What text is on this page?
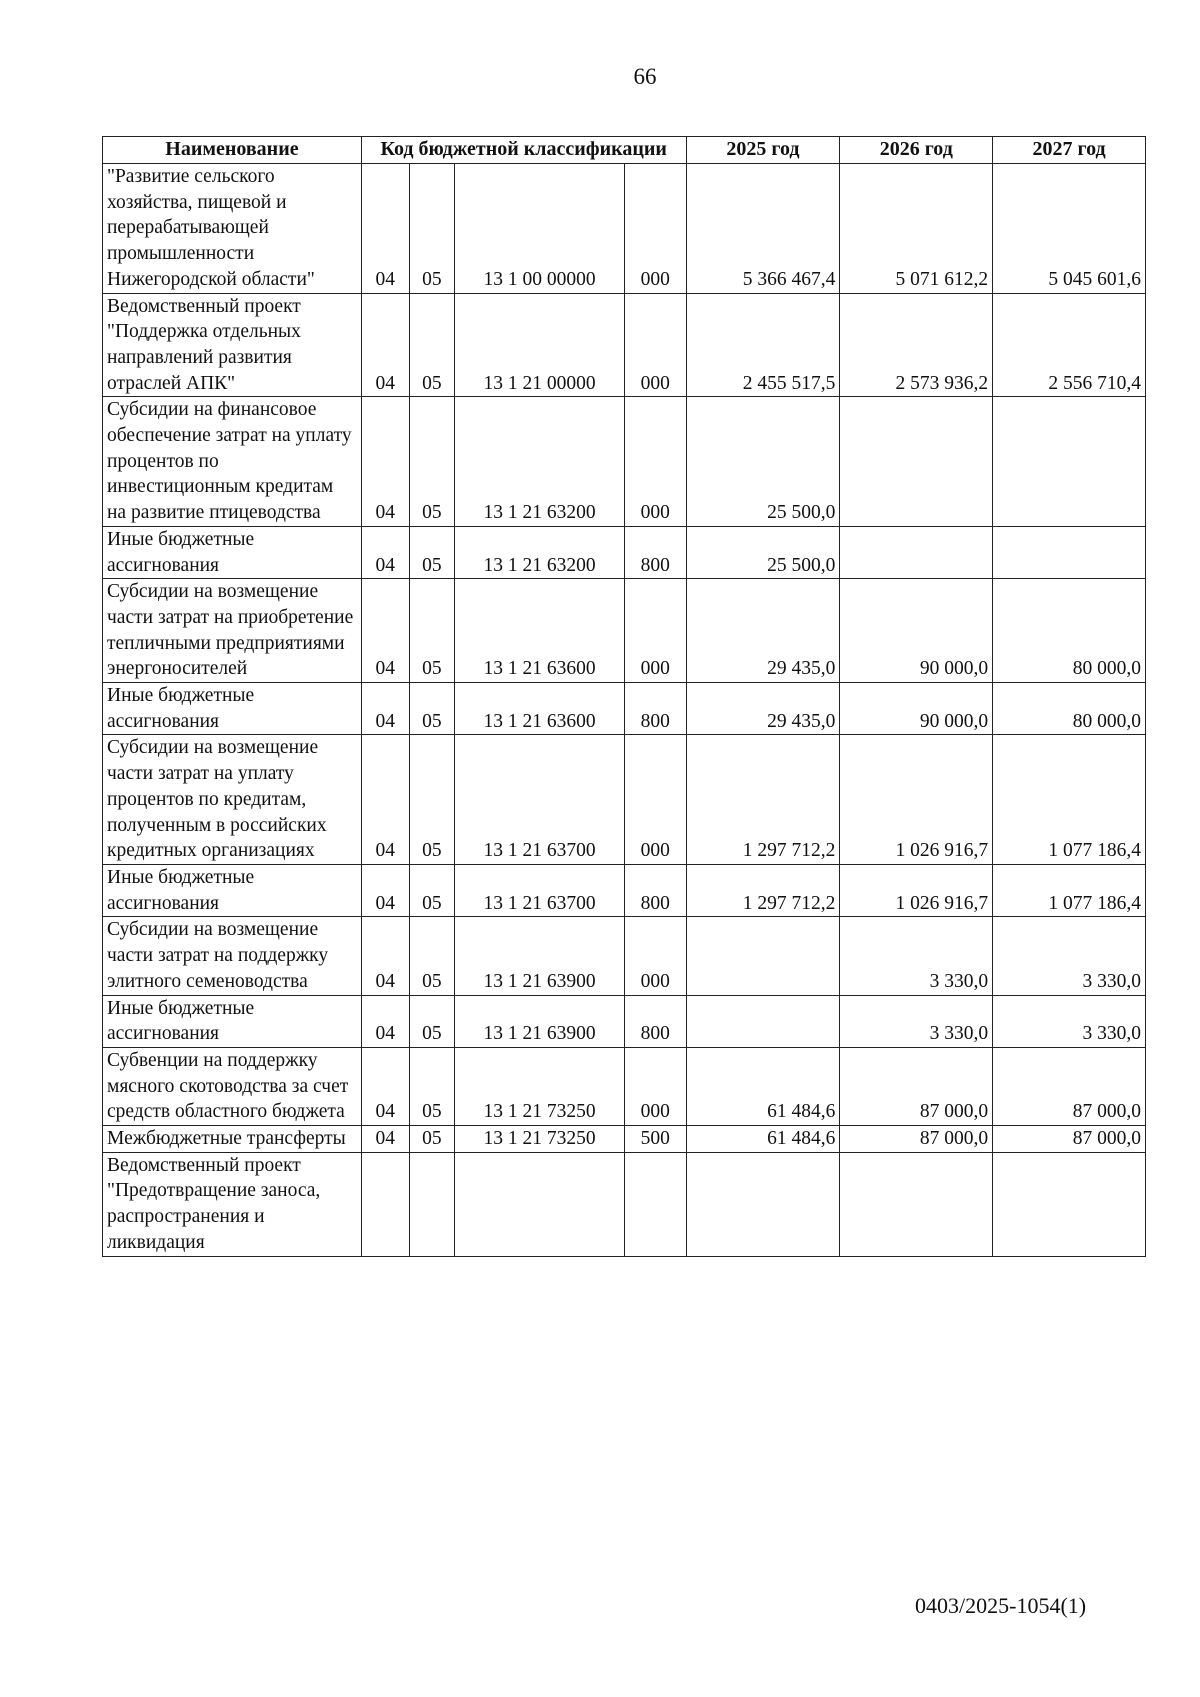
66
Наименование	Код бюджетной классификации				2025 год	2026 год	2027 год
"Развитие сельского хозяйства, пищевой и перерабатывающей промышленности Нижегородской области"	04	05	13 1 00 00000	000	5 366 467,4	5 071 612,2	5 045 601,6
Ведомственный проект "Поддержка отдельных направлений развития отраслей АПК"	04	05	13 1 21 00000	000	2 455 517,5	2 573 936,2	2 556 710,4
Субсидии на финансовое обеспечение затрат на уплату процентов по инвестиционным кредитам на развитие птицеводства	04	05	13 1 21 63200	000	25 500,0		
Иные бюджетные ассигнования	04	05	13 1 21 63200	800	25 500,0		
Субсидии на возмещение части затрат на приобретение тепличными предприятиями энергоносителей	04	05	13 1 21 63600	000	29 435,0	90 000,0	80 000,0
Иные бюджетные ассигнования	04	05	13 1 21 63600	800	29 435,0	90 000,0	80 000,0
Субсидии на возмещение части затрат на уплату процентов по кредитам, полученным в российских кредитных организациях	04	05	13 1 21 63700	000	1 297 712,2	1 026 916,7	1 077 186,4
Иные бюджетные ассигнования	04	05	13 1 21 63700	800	1 297 712,2	1 026 916,7	1 077 186,4
Субсидии на возмещение части затрат на поддержку элитного семеноводства	04	05	13 1 21 63900	000		3 330,0	3 330,0
Иные бюджетные ассигнования	04	05	13 1 21 63900	800		3 330,0	3 330,0
Субвенции на поддержку мясного скотоводства за счет средств областного бюджета	04	05	13 1 21 73250	000	61 484,6	87 000,0	87 000,0
Межбюджетные трансферты	04	05	13 1 21 73250	500	61 484,6	87 000,0	87 000,0
Ведомственный проект "Предотвращение заноса, распространения и ликвидация							
0403/2025-1054(1)
